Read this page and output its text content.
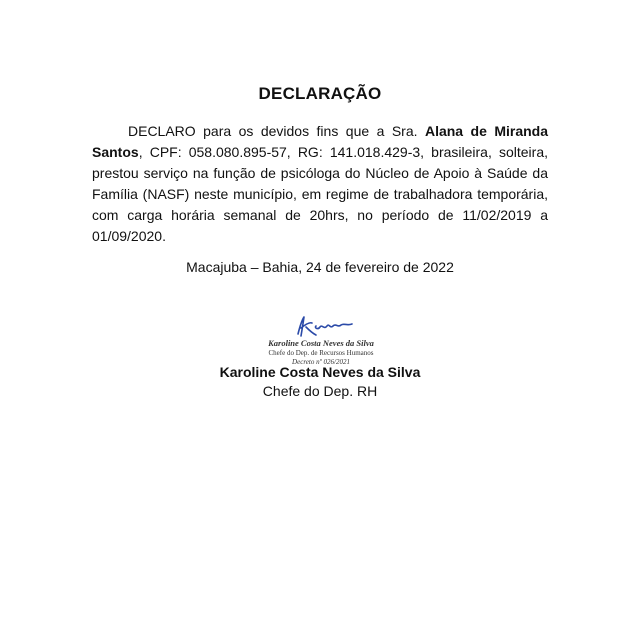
DECLARAÇÃO

DECLARO para os devidos fins que a Sra. Alana de Miranda Santos, CPF: 058.080.895-57, RG: 141.018.429-3, brasileira, solteira, prestou serviço na função de psicóloga do Núcleo de Apoio à Saúde da Família (NASF) neste município, em regime de trabalhadora temporária, com carga horária semanal de 20hrs, no período de 11/02/2019 a 01/09/2020.

Macajuba – Bahia, 24 de fevereiro de 2022
Karoline Costa Neves da Silva
Chefe do Dep. de Recursos Humanos
Decreto nº 026/2021
Karoline Costa Neves da Silva
Chefe do Dep. RH
